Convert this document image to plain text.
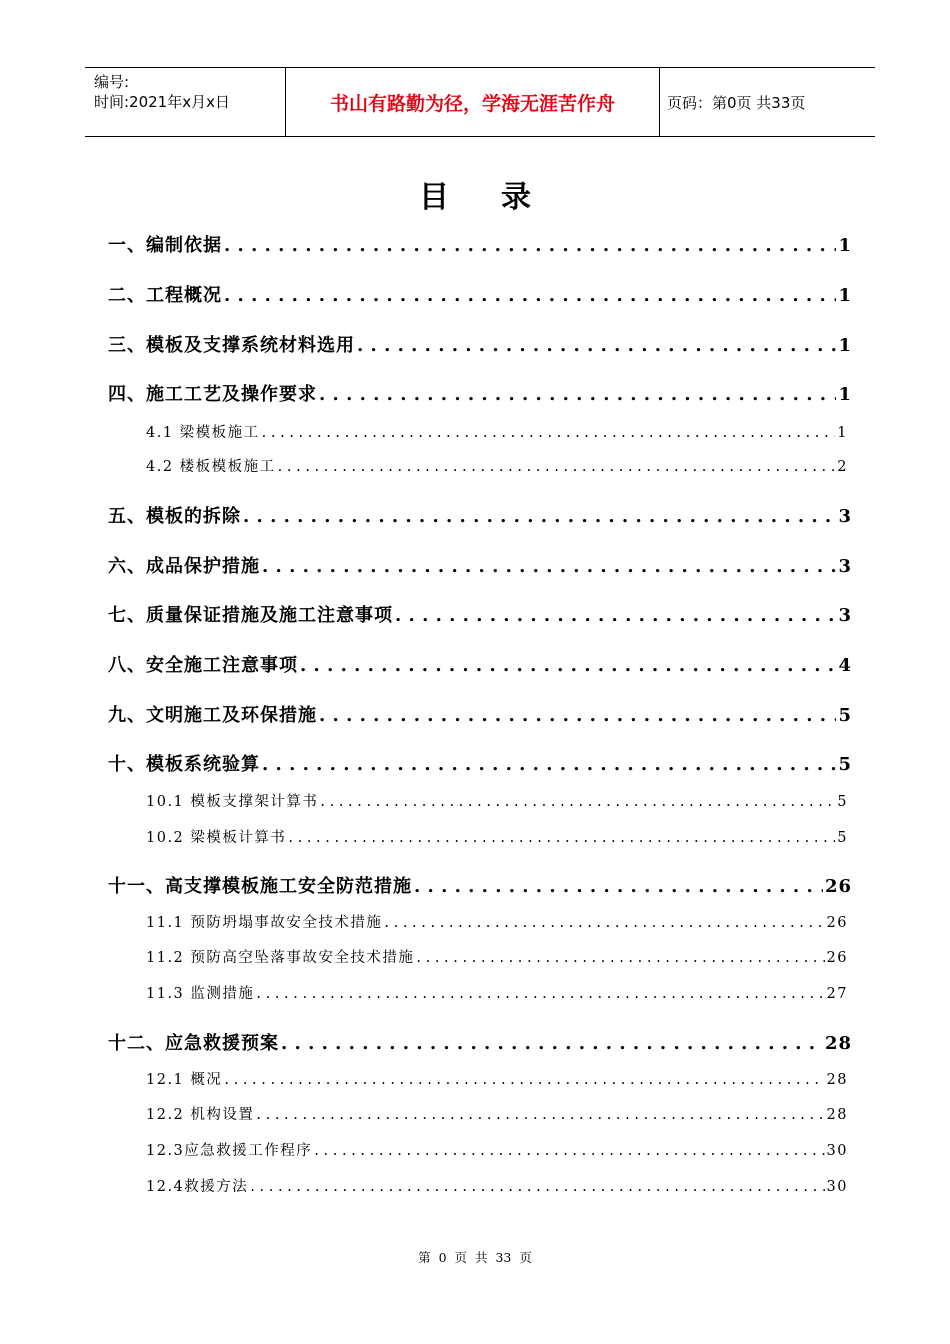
编号:
时间:2021年x月x日	书山有路勤为径，学海无涯苦作舟	页码：第0页 共33页
目录
一、编制依据 . . .	1
二、工程概况 . . .	1
三、模板及支撑系统材料选用 . . .	1
四、施工工艺及操作要求 . . .	1
4.1 梁模板施工 . . .	1
4.2 楼板模板施工 . . .	2
五、模板的拆除 . . .	3
六、成品保护措施 . . .	3
七、质量保证措施及施工注意事项 . . .	3
八、安全施工注意事项 . . .	4
九、文明施工及环保措施 . . .	5
十、模板系统验算 . . .	5
10.1 模板支撑架计算书 . . .	5
10.2 梁模板计算书 . . .	5
十一、高支撑模板施工安全防范措施 . . .	26
11.1 预防坍塌事故安全技术措施 . . .	26
11.2 预防高空坠落事故安全技术措施 . . .	26
11.3 监测措施 . . .	27
十二、应急救援预案 . . .	28
12.1 概况 . . .	28
12.2 机构设置 . . .	28
12.3应急救援工作程序 . . .	30
12.4救援方法 . . .	30
第 0 页 共 33 页
